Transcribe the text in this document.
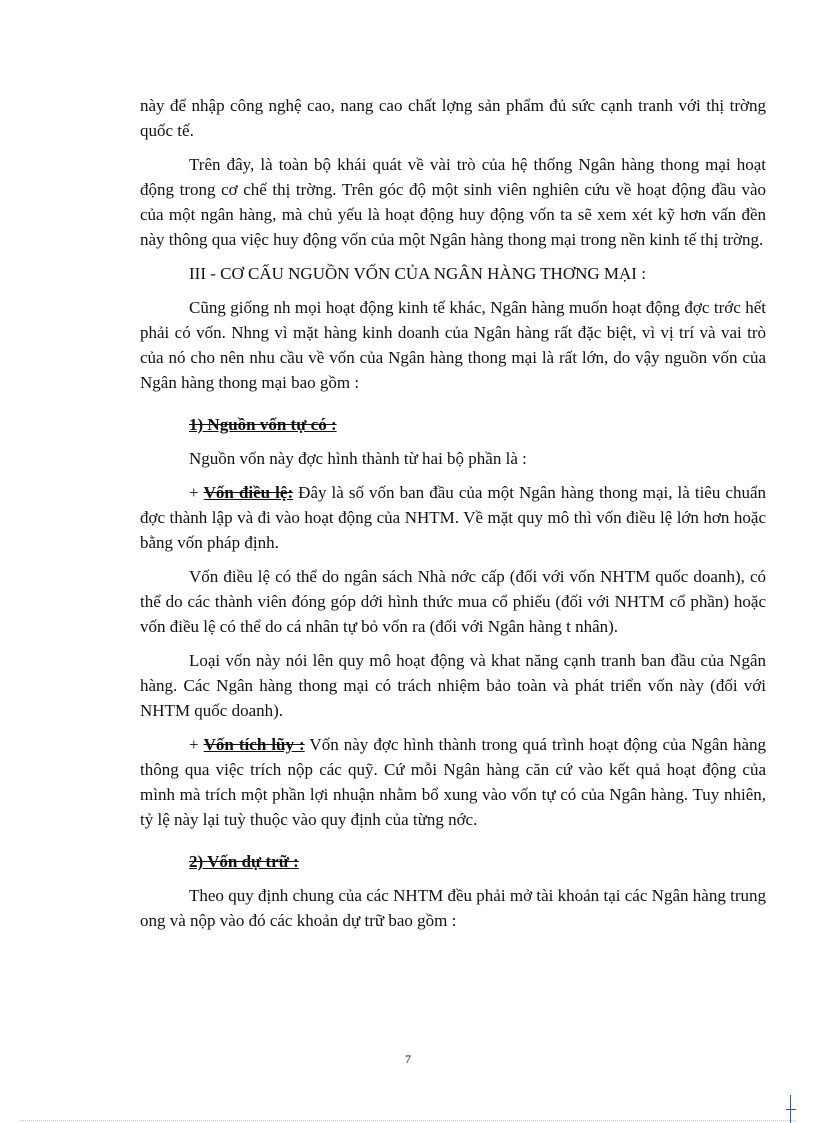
này để nhập công nghệ cao, nang cao chất lợng sản phẩm đủ sức cạnh tranh với thị trờng quốc tế.

Trên đây, là toàn bộ khái quát về vài trò của hệ thống Ngân hàng thong mại hoạt động trong cơ chế thị trờng. Trên góc độ một sinh viên nghiên cứu về hoạt động đầu vào của một ngân hàng, mà chủ yếu là hoạt động huy động vốn ta sẽ xem xét kỹ hơn vấn đền này thông qua việc huy động vốn của một Ngân hàng thong mại trong nền kinh tế thị trờng.

III - CƠ CẤU NGUỒN VỐN CỦA NGÂN HÀNG THƠNG MẠI :

Cũng giống nh mọi hoạt động kinh tế khác, Ngân hàng muốn hoạt động đợc trớc hết phải có vốn. Nhng vì mặt hàng kinh doanh của Ngân hàng rất đặc biệt, vì vị trí và vai trò của nó cho nên nhu cầu về vốn của Ngân hàng thong mại là rất lớn, do vậy nguồn vốn của Ngân hàng thong mại bao gồm :

1) Nguồn vốn tự có :

Nguồn vốn này đợc hình thành từ hai bộ phần là :

+ Vốn điều lệ: Đây là số vốn ban đầu của một Ngân hàng thong mại, là tiêu chuẩn đợc thành lập và đi vào hoạt động của NHTM. Về mặt quy mô thì vốn điều lệ lớn hơn hoặc bằng vốn pháp định.

Vốn điều lệ có thể do ngân sách Nhà nớc cấp (đối với vốn NHTM quốc doanh), có thể do các thành viên đóng góp dới hình thức mua cổ phiếu (đối với NHTM cổ phần) hoặc vốn điều lệ có thể do cá nhân tự bỏ vốn ra (đối với Ngân hàng t nhân).

Loại vốn này nói lên quy mô hoạt động và khat năng cạnh tranh ban đầu của Ngân hàng. Các Ngân hàng thong mại có trách nhiệm bảo toàn và phát triển vốn này (đối với NHTM quốc doanh).

+ Vốn tích lũy : Vốn này đợc hình thành trong quá trình hoạt động của Ngân hàng thông qua việc trích nộp các quỹ. Cứ mỗi Ngân hàng căn cứ vào kết quả hoạt động của mình mà trích một phần lợi nhuận nhằm bổ xung vào vốn tự có của Ngân hàng. Tuy nhiên, tỷ lệ này lại tuỳ thuộc vào quy định của từng nớc.

2) Vốn dự trữ :

Theo quy định chung của các NHTM đều phải mở tài khoản tại các Ngân hàng trung ong và nộp vào đó các khoản dự trữ bao gồm :

7
